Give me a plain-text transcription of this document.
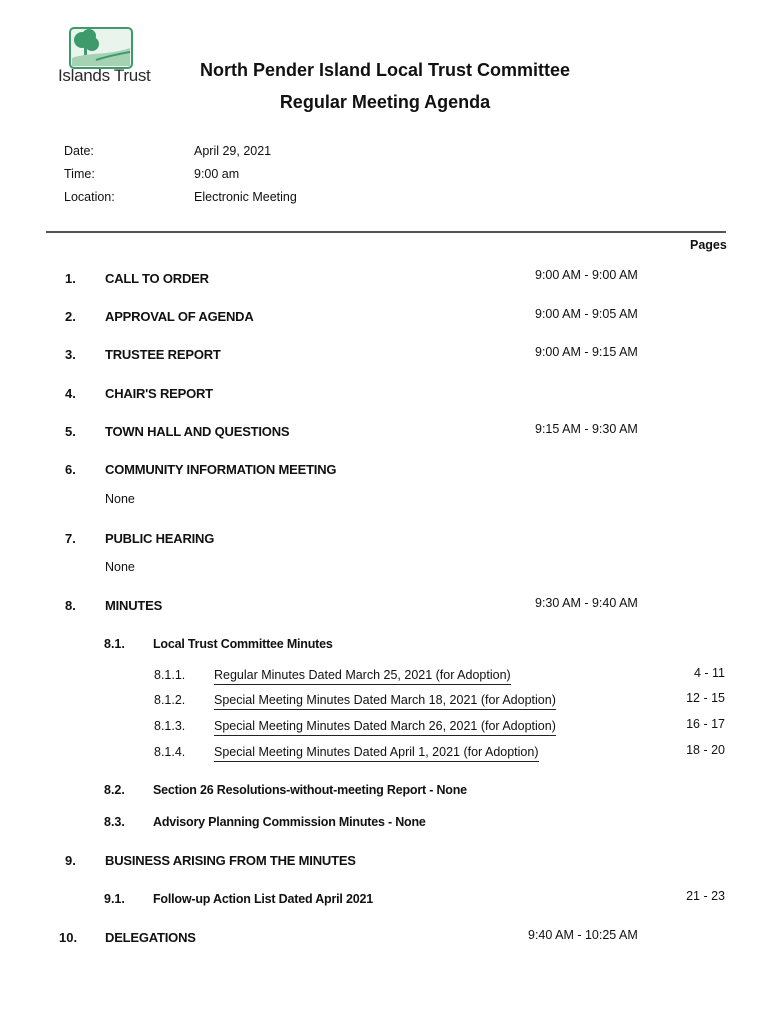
Islands Trust	North Pender Island Local Trust Committee
Regular Meeting Agenda
Date:	April 29, 2021
Time:	9:00 am
Location:	Electronic Meeting
Pages
1. CALL TO ORDER	9:00 AM - 9:00 AM
2. APPROVAL OF AGENDA	9:00 AM - 9:05 AM
3. TRUSTEE REPORT	9:00 AM - 9:15 AM
4. CHAIR'S REPORT
5. TOWN HALL AND QUESTIONS	9:15 AM - 9:30 AM
6. COMMUNITY INFORMATION MEETING
None
7. PUBLIC HEARING
None
8. MINUTES	9:30 AM - 9:40 AM
8.1. Local Trust Committee Minutes
8.1.1. Regular Minutes Dated March 25, 2021 (for Adoption)	4 - 11
8.1.2. Special Meeting Minutes Dated March 18, 2021 (for Adoption)	12 - 15
8.1.3. Special Meeting Minutes Dated March 26, 2021 (for Adoption)	16 - 17
8.1.4. Special Meeting Minutes Dated April 1, 2021 (for Adoption)	18 - 20
8.2. Section 26 Resolutions-without-meeting Report - None
8.3. Advisory Planning Commission Minutes - None
9. BUSINESS ARISING FROM THE MINUTES
9.1. Follow-up Action List Dated April 2021	21 - 23
10. DELEGATIONS	9:40 AM - 10:25 AM
